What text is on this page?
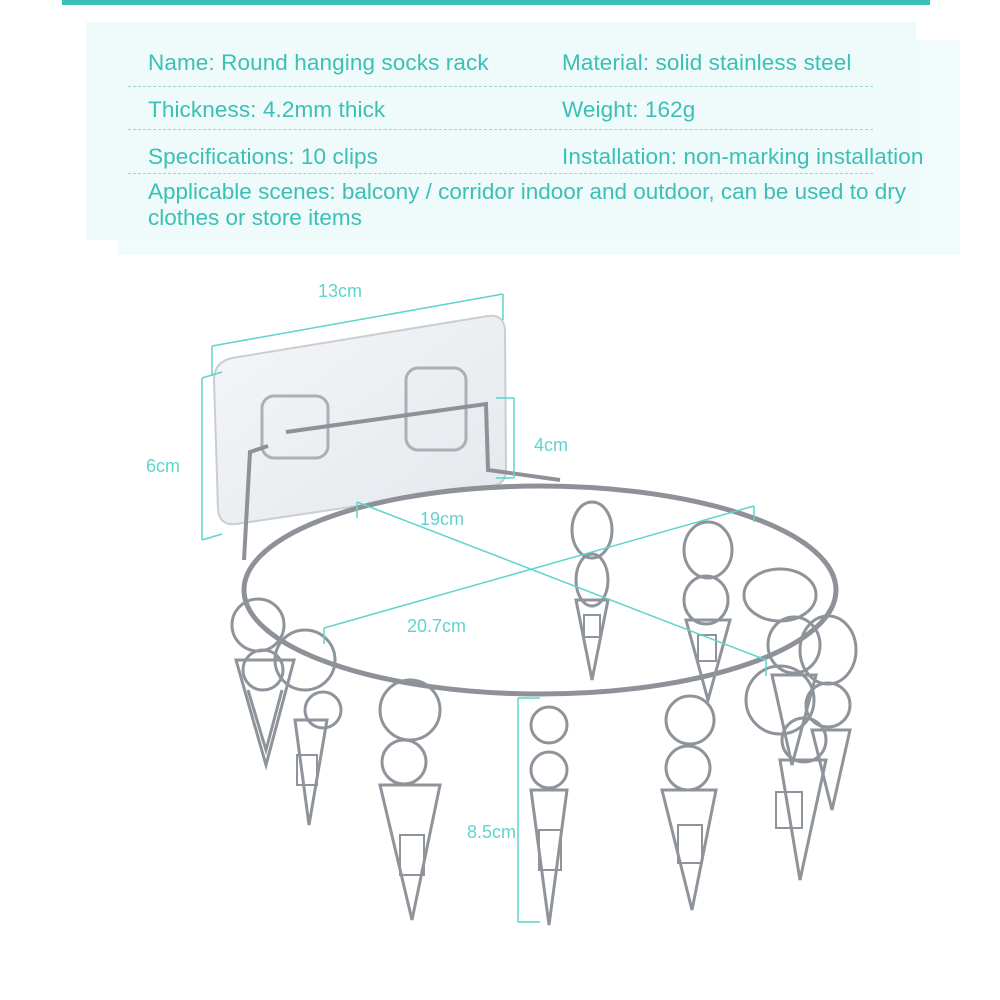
Name: Round hanging socks rack	Material: solid stainless steel
Thickness: 4.2mm thick	Weight: 162g
Specifications: 10 clips	Installation: non-marking installation
Applicable scenes: balcony / corridor indoor and outdoor, can be used to dry clothes or store items
13cm
6cm
4cm
19cm
20.7cm
8.5cm
